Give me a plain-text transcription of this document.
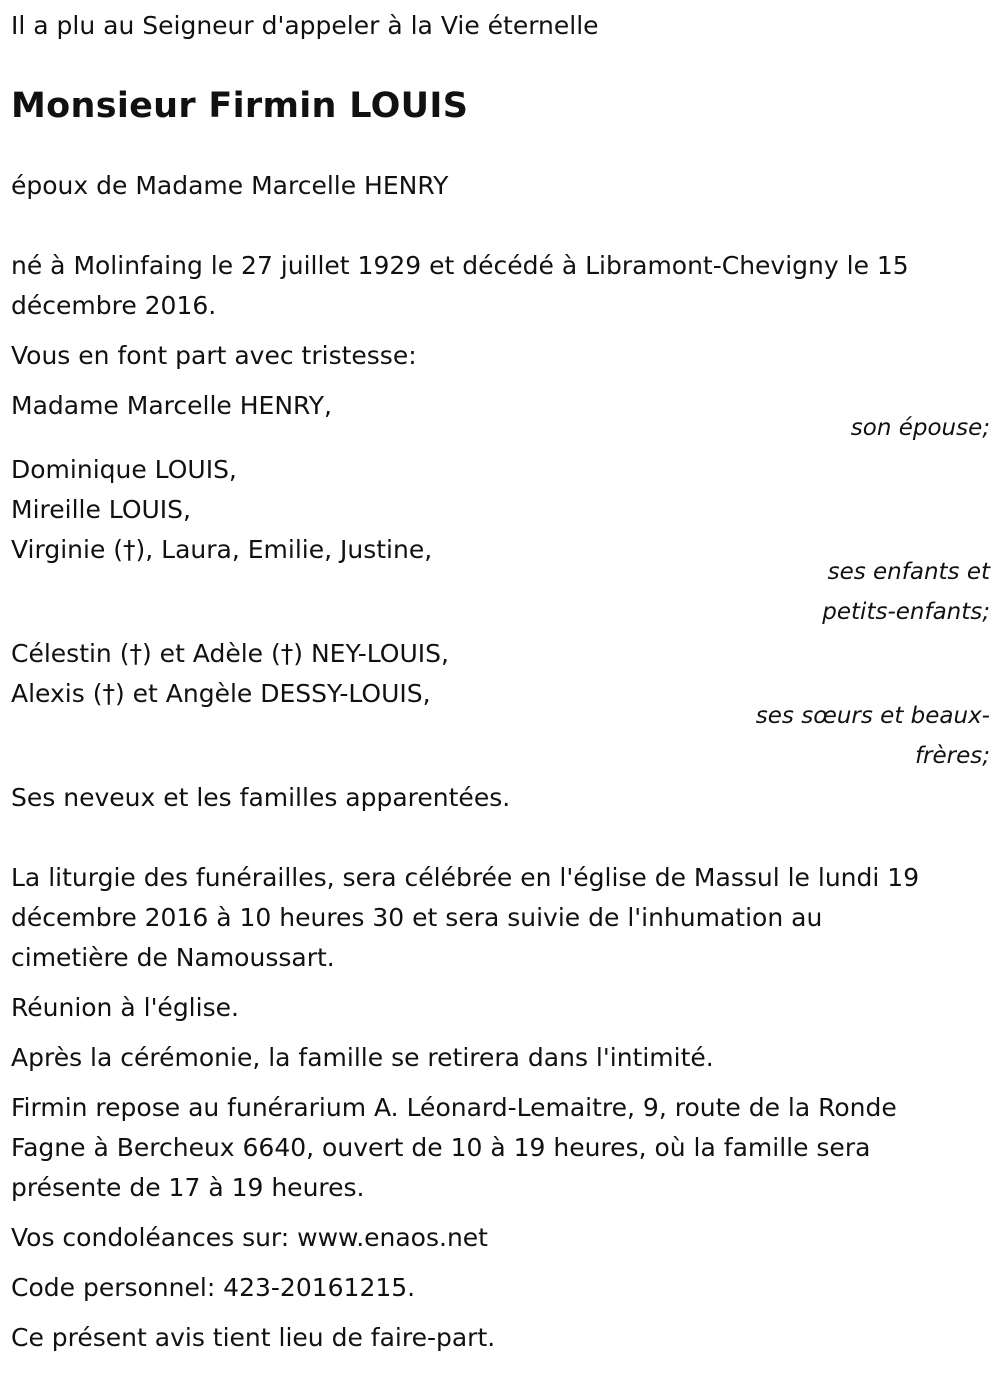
Il a plu au Seigneur d'appeler à la Vie éternelle

Monsieur Firmin LOUIS

époux de Madame Marcelle HENRY

né à Molinfaing le 27 juillet 1929 et décédé à Libramont-Chevigny le 15

décembre 2016.

Vous en font part avec tristesse:

Madame Marcelle HENRY,

son épouse;

Dominique LOUIS,

Mireille LOUIS,

Virginie (†), Laura, Emilie, Justine,

ses enfants et

petits-enfants;

Célestin (†) et Adèle (†) NEY-LOUIS,

Alexis (†) et Angèle DESSY-LOUIS,

ses sœurs et beaux-

frères;

Ses neveux et les familles apparentées.

La liturgie des funérailles, sera célébrée en l'église de Massul le lundi 19

décembre 2016 à 10 heures 30 et sera suivie de l'inhumation au

cimetière de Namoussart.

Réunion à l'église.

Après la cérémonie, la famille se retirera dans l'intimité.

Firmin repose au funérarium A. Léonard-Lemaitre, 9, route de la Ronde

Fagne à Bercheux 6640, ouvert de 10 à 19 heures, où la famille sera

présente de 17 à 19 heures.

Vos condoléances sur: www.enaos.net

Code personnel: 423-20161215.

Ce présent avis tient lieu de faire-part.
